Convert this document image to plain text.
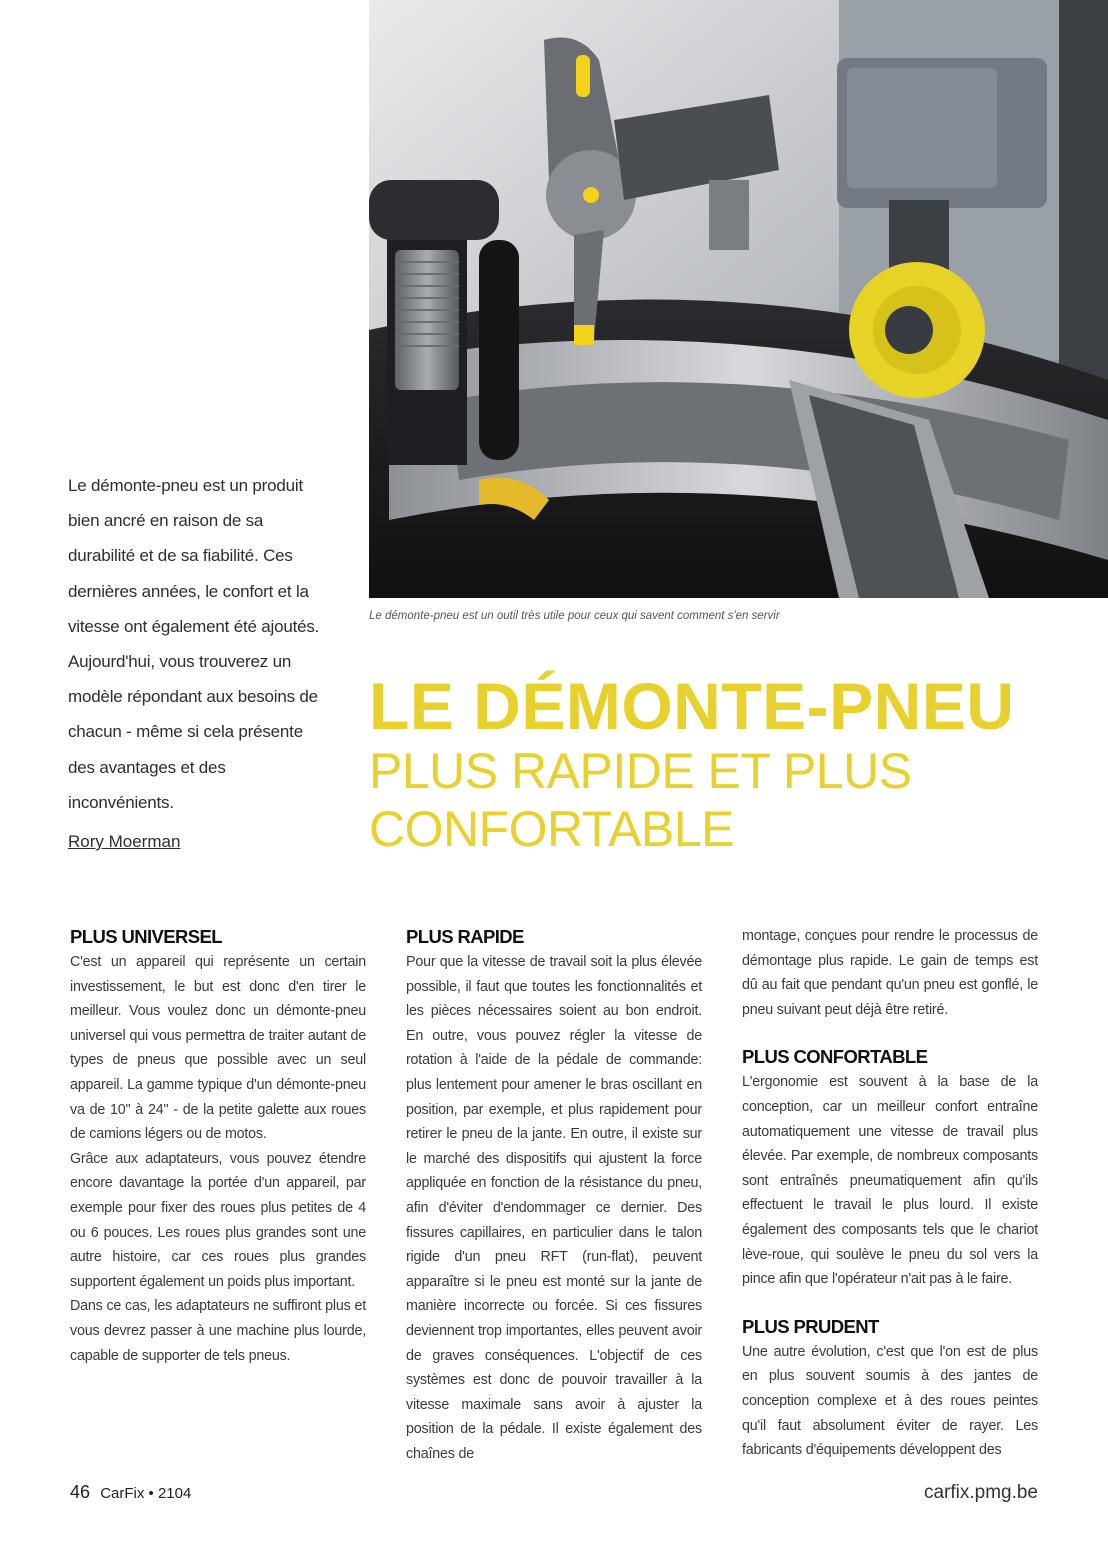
Le démonte-pneu est un outil très utile pour ceux qui savent comment s'en servir
Le démonte-pneu est un produit bien ancré en raison de sa durabilité et de sa fiabilité. Ces dernières années, le confort et la vitesse ont également été ajoutés. Aujourd'hui, vous trouverez un modèle répondant aux besoins de chacun - même si cela présente des avantages et des inconvénients.
Rory Moerman
LE DÉMONTE-PNEU
PLUS RAPIDE ET PLUS CONFORTABLE
PLUS UNIVERSEL

C'est un appareil qui représente un certain investissement, le but est donc d'en tirer le meilleur. Vous voulez donc un démonte-pneu universel qui vous permettra de traiter autant de types de pneus que possible avec un seul appareil. La gamme typique d'un démonte-pneu va de 10" à 24" - de la petite galette aux roues de camions légers ou de motos.

Grâce aux adaptateurs, vous pouvez étendre encore davantage la portée d'un appareil, par exemple pour fixer des roues plus petites de 4 ou 6 pouces. Les roues plus grandes sont une autre histoire, car ces roues plus grandes supportent également un poids plus important.

Dans ce cas, les adaptateurs ne suffiront plus et vous devrez passer à une machine plus lourde, capable de supporter de tels pneus.

PLUS RAPIDE

Pour que la vitesse de travail soit la plus élevée possible, il faut que toutes les fonctionnalités et les pièces nécessaires soient au bon endroit. En outre, vous pouvez régler la vitesse de rotation à l'aide de la pédale de commande: plus lentement pour amener le bras oscillant en position, par exemple, et plus rapidement pour retirer le pneu de la jante. En outre, il existe sur le marché des dispositifs qui ajustent la force appliquée en fonction de la résistance du pneu, afin d'éviter d'endommager ce dernier. Des fissures capillaires, en particulier dans le talon rigide d'un pneu RFT (run-flat), peuvent apparaître si le pneu est monté sur la jante de manière incorrecte ou forcée. Si ces fissures deviennent trop importantes, elles peuvent avoir de graves conséquences. L'objectif de ces systèmes est donc de pouvoir travailler à la vitesse maximale sans avoir à ajuster la position de la pédale. Il existe également des chaînes de

montage, conçues pour rendre le processus de démontage plus rapide. Le gain de temps est dû au fait que pendant qu'un pneu est gonflé, le pneu suivant peut déjà être retiré.

PLUS CONFORTABLE

L'ergonomie est souvent à la base de la conception, car un meilleur confort entraîne automatiquement une vitesse de travail plus élevée. Par exemple, de nombreux composants sont entraînés pneumatiquement afin qu'ils effectuent le travail le plus lourd. Il existe également des composants tels que le chariot lève-roue, qui soulève le pneu du sol vers la pince afin que l'opérateur n'ait pas à le faire.

PLUS PRUDENT

Une autre évolution, c'est que l'on est de plus en plus souvent soumis à des jantes de conception complexe et à des roues peintes qu'il faut absolument éviter de rayer. Les fabricants d'équipements développent des

46 CarFix • 2104	carfix.pmg.be
